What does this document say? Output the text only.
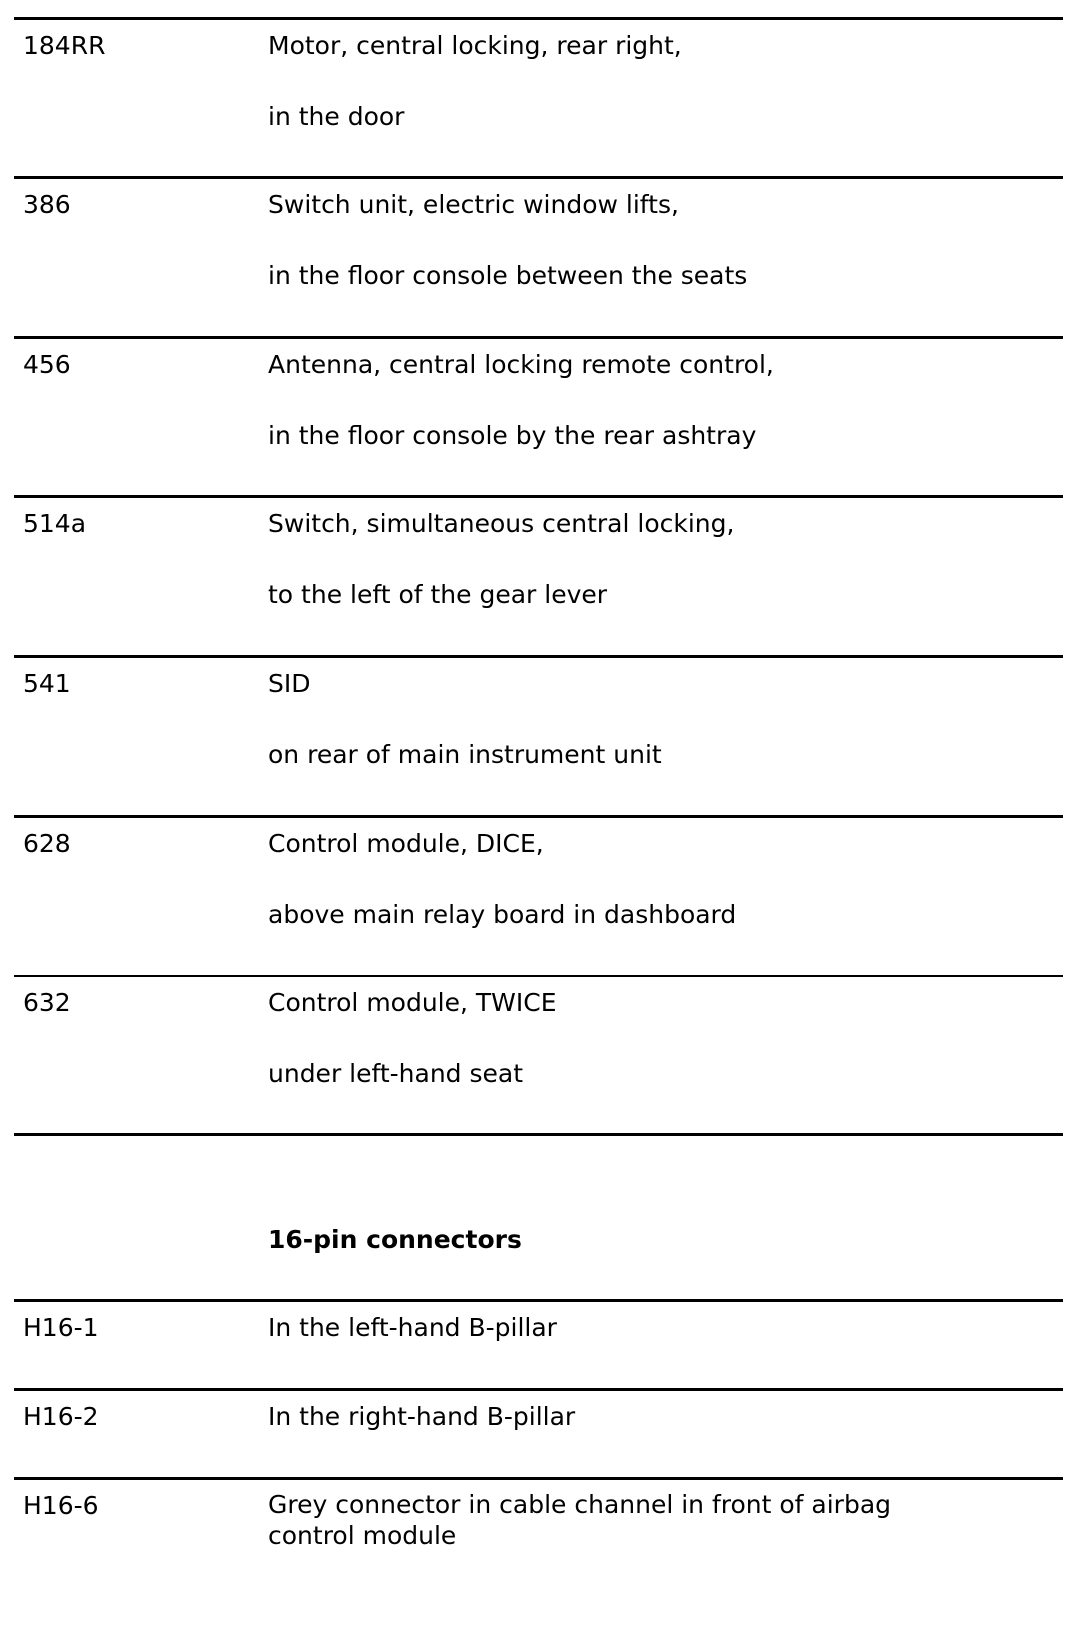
184RR	Motor, central locking, rear right,
in the door
386	Switch unit, electric window lifts,
in the floor console between the seats
456	Antenna, central locking remote control,
in the floor console by the rear ashtray
514a	Switch, simultaneous central locking,
to the left of the gear lever
541	SID
on rear of main instrument unit
628	Control module, DICE,
above main relay board in dashboard
632	Control module, TWICE
under left-hand seat
16-pin connectors
H16-1	In the left-hand B-pillar
H16-2	In the right-hand B-pillar
H16-6	Grey connector in cable channel in front of airbag control module
